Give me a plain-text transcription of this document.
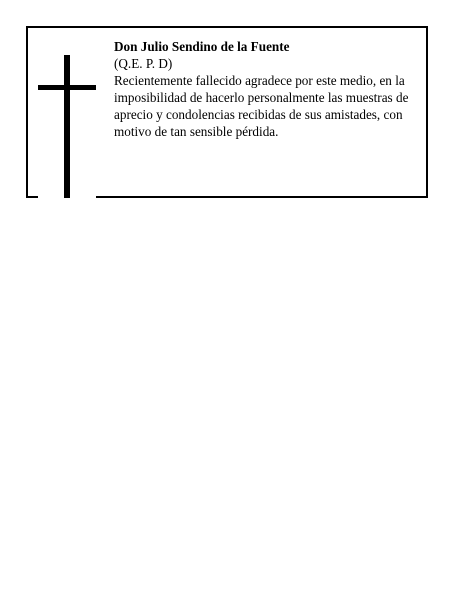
Don Julio Sendino de la Fuente

(Q.E. P. D)

Recientemente fallecido agradece por este medio, en la imposibilidad de hacerlo personalmente las muestras de aprecio y condolencias recibidas de sus amistades, con motivo de tan sensible pérdida.
